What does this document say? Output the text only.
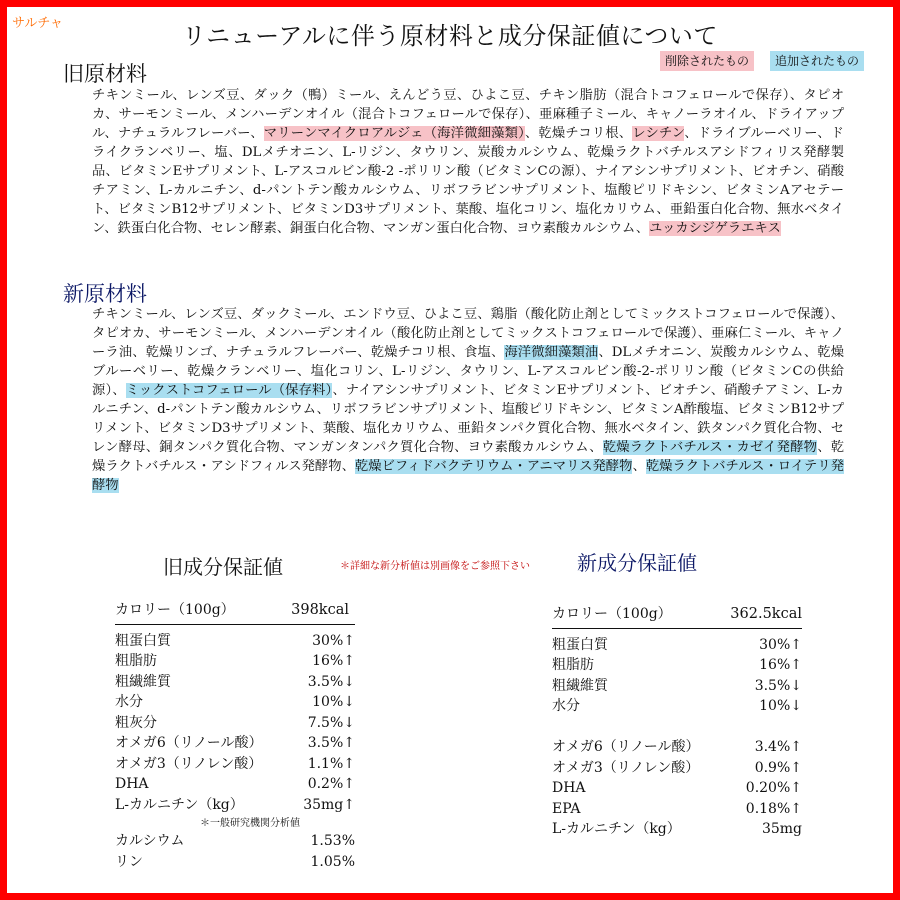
サルチャ	リニューアルに伴う原材料と成分保証値について
削除されたもの	追加されたもの
旧原材料
チキンミール、レンズ豆、ダック（鴨）ミール、えんどう豆、ひよこ豆、チキン脂肪（混合トコフェロールで保存）、タピオカ、サーモンミール、メンハーデンオイル（混合トコフェロールで保存）、亜麻種子ミール、キャノーラオイル、ドライアップル、ナチュラルフレーバー、マリーンマイクロアルジェ（海洋微細藻類）、乾燥チコリ根、レシチン、ドライブルーベリー、ドライクランベリー、塩、DLメチオニン、L-リジン、タウリン、炭酸カルシウム、乾燥ラクトバチルスアシドフィリス発酵製品、ビタミンEサプリメント、L-アスコルビン酸-2 -ポリリン酸（ビタミンCの源）、ナイアシンサプリメント、ビオチン、硝酸チアミン、L-カルニチン、d-パントテン酸カルシウム、リボフラビンサプリメント、塩酸ピリドキシン、ビタミンAアセテート、ビタミンB12サプリメント、ビタミンD3サプリメント、葉酸、塩化コリン、塩化カリウム、亜鉛蛋白化合物、無水ベタイン、鉄蛋白化合物、セレン酵素、銅蛋白化合物、マンガン蛋白化合物、ヨウ素酸カルシウム、ユッカシジゲラエキス
新原材料
チキンミール、レンズ豆、ダックミール、エンドウ豆、ひよこ豆、鶏脂（酸化防止剤としてミックストコフェロールで保護）、タピオカ、サーモンミール、メンハーデンオイル（酸化防止剤としてミックストコフェロールで保護）、亜麻仁ミール、キャノーラ油、乾燥リンゴ、ナチュラルフレーバー、乾燥チコリ根、食塩、海洋微細藻類油、DLメチオニン、炭酸カルシウム、乾燥ブルーベリー、乾燥クランベリー、塩化コリン、L-リジン、タウリン、L-アスコルビン酸-2-ポリリン酸（ビタミンCの供給源）、ミックストコフェロール（保存料）、ナイアシンサプリメント、ビタミンEサプリメント、ビオチン、硝酸チアミン、L-カルニチン、d-パントテン酸カルシウム、リボフラビンサプリメント、塩酸ピリドキシン、ビタミンA酢酸塩、ビタミンB12サプリメント、ビタミンD3サプリメント、葉酸、塩化カリウム、亜鉛タンパク質化合物、無水ベタイン、鉄タンパク質化合物、セレン酵母、銅タンパク質化合物、マンガンタンパク質化合物、ヨウ素酸カルシウム、乾燥ラクトバチルス・カゼイ発酵物、乾燥ラクトバチルス・アシドフィルス発酵物、乾燥ビフィドバクテリウム・アニマリス発酵物、乾燥ラクトバチルス・ロイテリ発酵物
旧成分保証値	＊詳細な新分析値は別画像をご参照下さい 新成分保証値
カロリー（100g）	398kcal
粗蛋白質	30%↑
粗脂肪	16%↑
粗繊維質	3.5%↓
水分	10%↓
粗灰分	7.5%↓
オメガ6（リノール酸）	3.5%↑
オメガ3（リノレン酸）	1.1%↑
DHA	0.2%↑
L-カルニチン（kg）	35mg↑
＊一般研究機関分析値
カルシウム	1.53%
リン	1.05%
カロリー（100g）	362.5kcal
粗蛋白質	30%↑
粗脂肪	16%↑
粗繊維質	3.5%↓
水分	10%↓
オメガ6（リノール酸）	3.4%↑
オメガ3（リノレン酸）	0.9%↑
DHA	0.20%↑
EPA	0.18%↑
L-カルニチン（kg）	35mg
